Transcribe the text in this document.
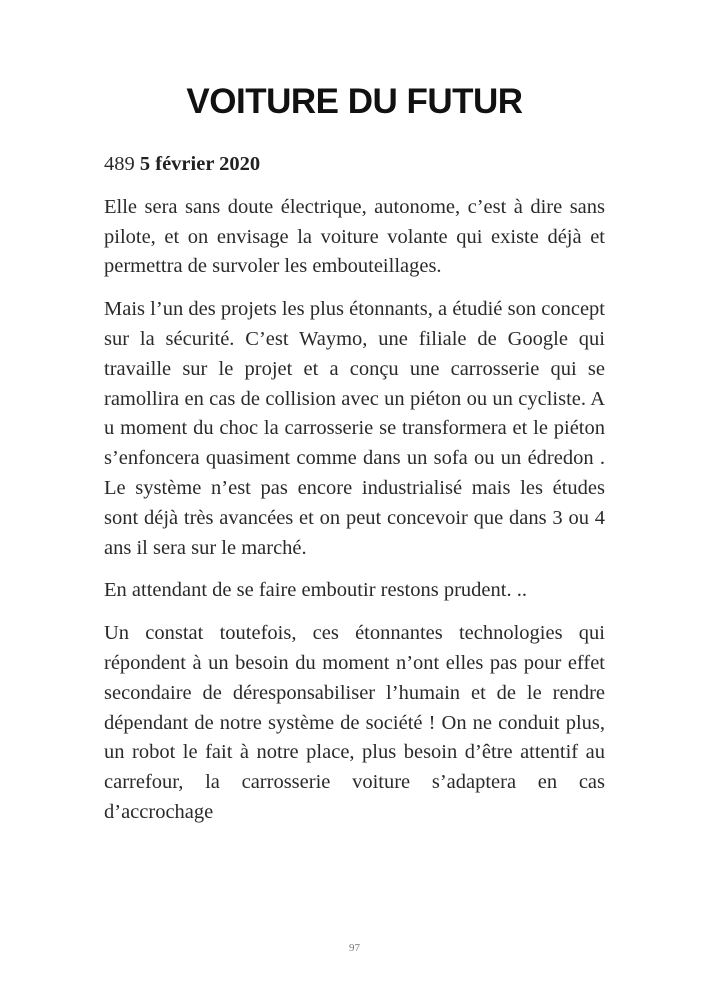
VOITURE DU FUTUR

489 5 février 2020

Elle sera sans doute électrique, autonome, c’est à dire sans pilote, et on envisage la voiture volante qui existe déjà et permettra de survoler les embouteillages.

Mais l’un des projets les plus étonnants, a étudié son concept sur la sécurité. C’est Waymo, une filiale de Google qui travaille sur le projet et a conçu une carrosserie qui se ramollira en cas de collision avec un piéton ou un cycliste. A u moment du choc la carrosserie se transformera et le piéton s’enfoncera quasiment comme dans un sofa ou un édredon . Le système n’est pas encore industrialisé mais les études sont déjà très avancées et on peut concevoir que dans 3 ou 4 ans il sera sur le marché.

En attendant de se faire emboutir restons prudent. ..

Un constat toutefois, ces étonnantes technologies qui répondent à un besoin du moment n’ont elles pas pour effet secondaire de déresponsabiliser l’humain et de le rendre dépendant de notre système de société ! On ne conduit plus, un robot le fait à notre place, plus besoin d’être attentif au carrefour, la carrosserie voiture s’adaptera en cas d’accrochage

97
